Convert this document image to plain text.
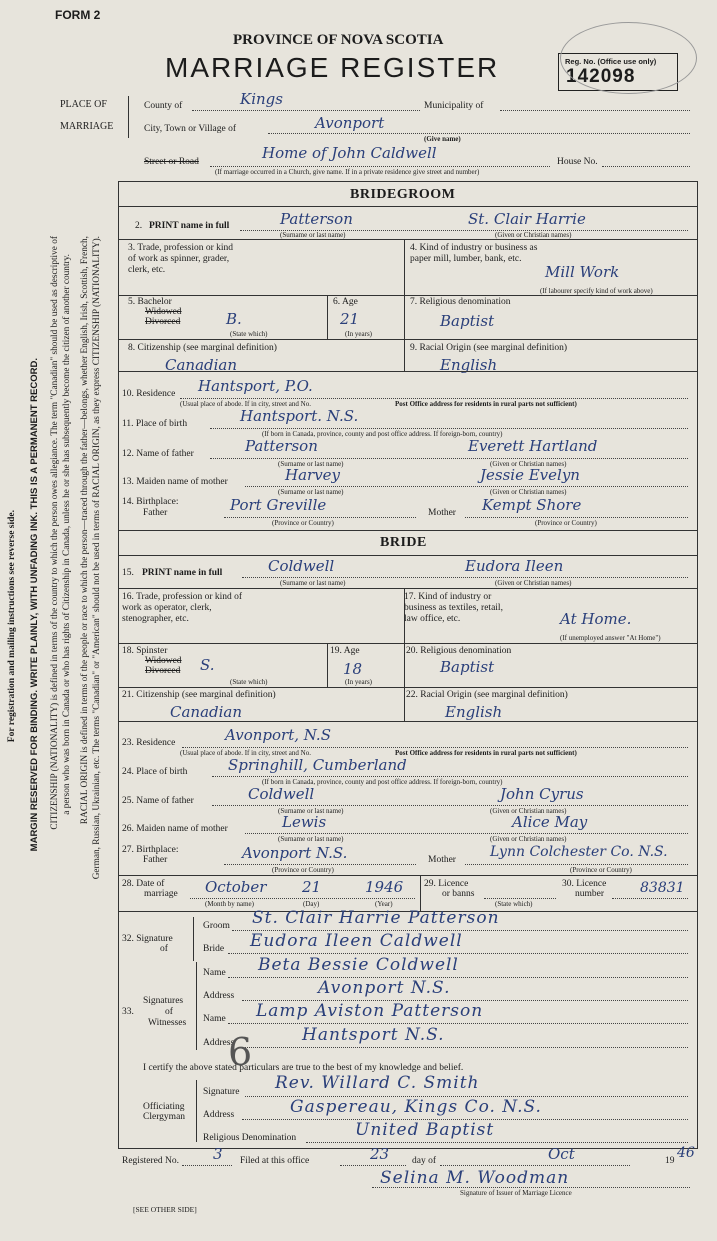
FORM 2
PROVINCE OF NOVA SCOTIA
MARRIAGE REGISTER	Reg. No. (Office use only)
142098
PLACE OF
MARRIAGE
County of	Kings	Municipality of
City, Town or Village of	Avonport
(Give name)
Street or Road	Home of John Caldwell	House No.
(If marriage occurred in a Church, give name. If in a private residence give street and number)
BRIDEGROOM
2. PRINT name in full	Patterson	St. Clair Harrie
(Surname or last name)	(Given or Christian names)
3. Trade, profession or kind of work as spinner, grader, clerk, etc.
4. Kind of industry or business as paper mill, lumber, bank, etc.
Mill Work
(If labourer specify kind of work above)
5. Bachelor
Widowed
Divorced	B.
(State which)
6. Age
21
(In years)
7. Religious denomination
Baptist
8. Citizenship (see marginal definition)
Canadian
9. Racial Origin (see marginal definition)
English
10. Residence Hantsport, P.O.
(Usual place of abode. If in city, street and No.	Post Office address for residents in rural parts not sufficient)
11. Place of birth	Hantsport. N.S.
(If born in Canada, province, county and post office address. If foreign-born, country)
12. Name of father	Patterson	Everett Hartland
(Surname or last name)	(Given or Christian names)
13. Maiden name of mother	Harvey	Jessie Evelyn
(Surname or last name)	(Given or Christian names)
14. Birthplace:
Father	Port Greville
(Province or Country)
Mother Kempt Shore
(Province or Country)
BRIDE
15. PRINT name in full	Coldwell	Eudora Ileen
(Surname or last name)	(Given or Christian names)
16. Trade, profession or kind of work as operator, clerk, stenographer, etc.
17. Kind of industry or business as textiles, retail, law office, etc.	At Home.
(If unemployed answer "At Home")
18. Spinster
Widowed
Divorced S.
(State which)
19. Age
18
(In years)
20. Religious denomination
Baptist
21. Citizenship (see marginal definition)
Canadian
22. Racial Origin (see marginal definition)
English
23. Residence	Avonport, N.S
(Usual place of abode. If in city, street and No.	Post Office address for residents in rural parts not sufficient)
24. Place of birth	Springhill, Cumberland
(If born in Canada, province, county and post office address. If foreign-born, country)
25. Name of father	Coldwell	John Cyrus
(Surname or last name)	(Given or Christian names)
26. Maiden name of mother	Lewis	Alice May
(Surname or last name)	(Given or Christian names)
27. Birthplace:
Father	Avonport N.S.
(Province or Country)
Mother Lynn Colchester Co. N.S.
(Province or Country)
28. Date of
marriage October 21	1946
(Month by name)	(Day)	(Year)
29. Licence
or banns
(State which)
30. Licence
number	83831
32. Signature
of
Groom St. Clair Harrie Patterson
Bride Eudora Ileen Caldwell
Signatures
33.	of
Witnesses
Name Beta Bessie Coldwell
Address	Avonport N.S.
Name Lamp Aviston Patterson
Address	Hantsport N.S.
6
I certify the above stated particulars are true to the best of my knowledge and belief.
Officiating
Clergyman
Signature Rev. Willard C. Smith
Address	Gaspereau, Kings Co. N.S.
Religious Denomination	United Baptist
Registered No. 3 Filed at this office	23 day of	Oct	19 46
Selina M. Woodman
Signature of Issuer of Marriage Licence
[SEE OTHER SIDE]
For registration and mailing instructions see reverse side. MARGIN RESERVED FOR BINDING. WRITE PLAINLY, WITH UNFADING INK. THIS IS A PERMANENT RECORD. CITIZENSHIP (NATIONALITY) is defined in terms of the country to which the person owes allegiance. The term "Canadian" should be used as descriptive of a person who was born in Canada or who has rights of Citizenship in Canada, unless he or she has subsequently become the citizen of another country. RACIAL ORIGIN is defined in terms of the people or race to which the person—traced through the father—belongs, whether English, Irish, Scottish, French, German, Russian, Ukrainian, etc. The terms "Canadian" or "American" should not be used in terms of RACIAL ORIGIN, as they express CITIZENSHIP (NATIONALITY).
